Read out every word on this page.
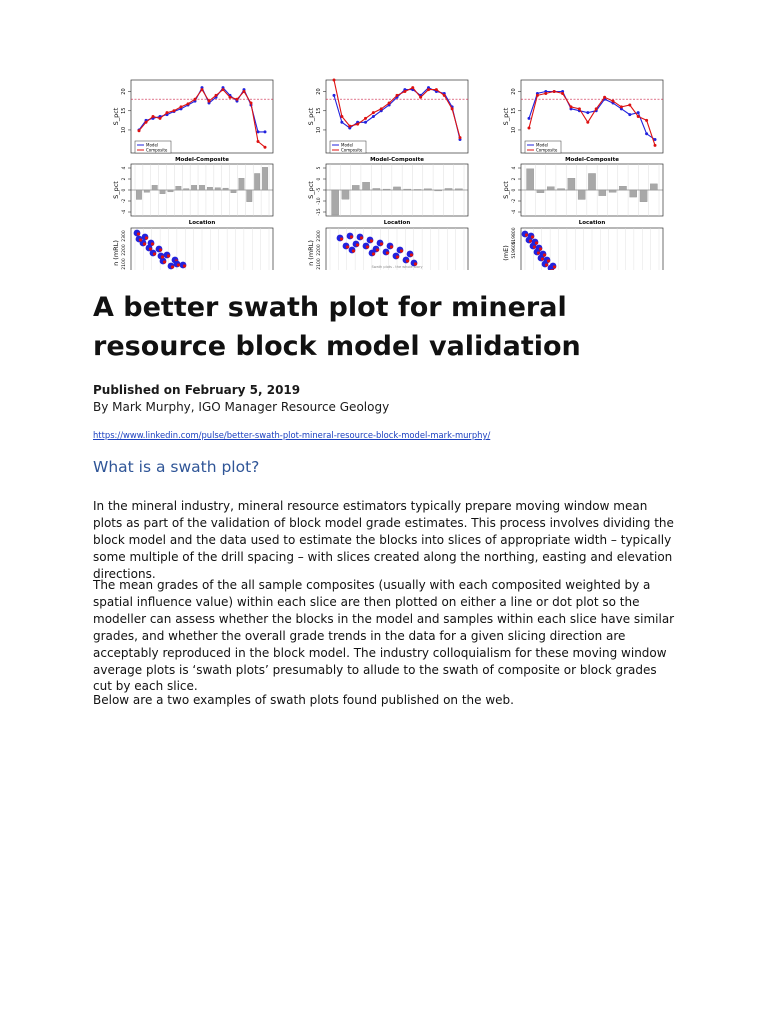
S_pct
20
15
10
Model
Composite
Model-Composite
S_pct
4
2
0
-2
-4
Location
n (mRL)
2300
2200
2100
S_pct
20
15
10
Model
Composite
Model-Composite
S_pct
5
0
-5
-10
-15
Location
n (mRL)
2300
2200
2100	Swath plots - the whole story
S_pct
20
15
10
Model
Composite
Model-Composite
S_pct
4
2
0
-2
-4
Location
(mE)
519800
519600
A better swath plot for mineral resource block model validation
Published on February 5, 2019
By Mark Murphy, IGO Manager Resource Geology
https://www.linkedin.com/pulse/better-swath-plot-mineral-resource-block-model-mark-murphy/
What is a swath plot?

In the mineral industry, mineral resource estimators typically prepare moving window mean plots as part of the validation of block model grade estimates. This process involves dividing the block model and the data used to estimate the blocks into slices of appropriate width – typically some multiple of the drill spacing – with slices created along the northing, easting and elevation directions.

The mean grades of the all sample composites (usually with each composited weighted by a spatial influence value) within each slice are then plotted on either a line or dot plot so the modeller can assess whether the blocks in the model and samples within each slice have similar grades, and whether the overall grade trends in the data for a given slicing direction are acceptably reproduced in the block model. The industry colloquialism for these moving window average plots is ‘swath plots’ presumably to allude to the swath of composite or block grades cut by each slice.

Below are a two examples of swath plots found published on the web.
